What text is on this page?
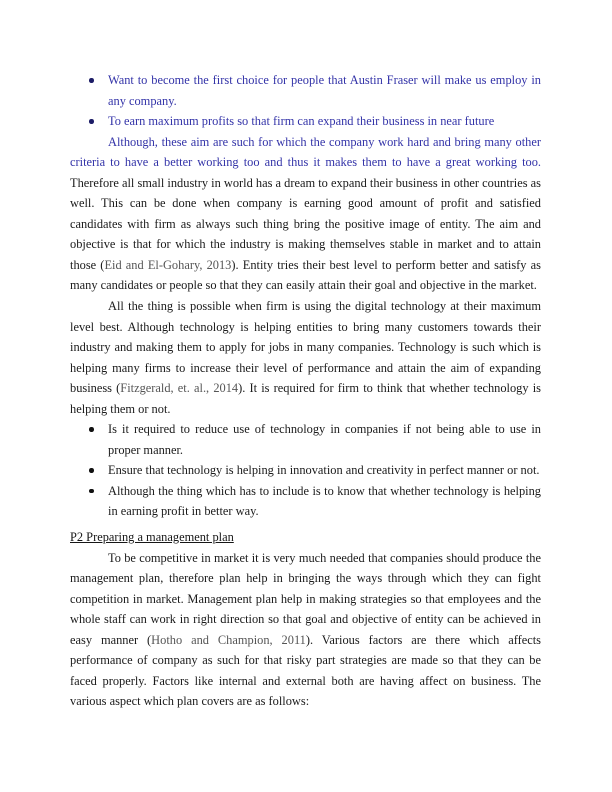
Want to become the first choice for people that Austin Fraser will make us employ in any company.
To earn maximum profits so that firm can expand their business in near future

Although, these aim are such for which the company work hard and bring many other criteria to have a better working too and thus it makes them to have a great working too. Therefore all small industry in world has a dream to expand their business in other countries as well. This can be done when company is earning good amount of profit and satisfied candidates with firm as always such thing bring the positive image of entity. The aim and objective is that for which the industry is making themselves stable in market and to attain those (Eid and El-Gohary, 2013). Entity tries their best level to perform better and satisfy as many candidates or people so that they can easily attain their goal and objective in the market.

All the thing is possible when firm is using the digital technology at their maximum level best. Although technology is helping entities to bring many customers towards their industry and making them to apply for jobs in many companies. Technology is such which is helping many firms to increase their level of performance and attain the aim of expanding business (Fitzgerald, et. al., 2014). It is required for firm to think that whether technology is helping them or not.

Is it required to reduce use of technology in companies if not being able to use in proper manner.
Ensure that technology is helping in innovation and creativity in perfect manner or not.
Although the thing which has to include is to know that whether technology is helping in earning profit in better way.
P2 Preparing a management plan

To be competitive in market it is very much needed that companies should produce the management plan, therefore plan help in bringing the ways through which they can fight competition in market. Management plan help in making strategies so that employees and the whole staff can work in right direction so that goal and objective of entity can be achieved in easy manner (Hotho and Champion, 2011). Various factors are there which affects performance of company as such for that risky part strategies are made so that they can be faced properly. Factors like internal and external both are having affect on business. The various aspect which plan covers are as follows:
